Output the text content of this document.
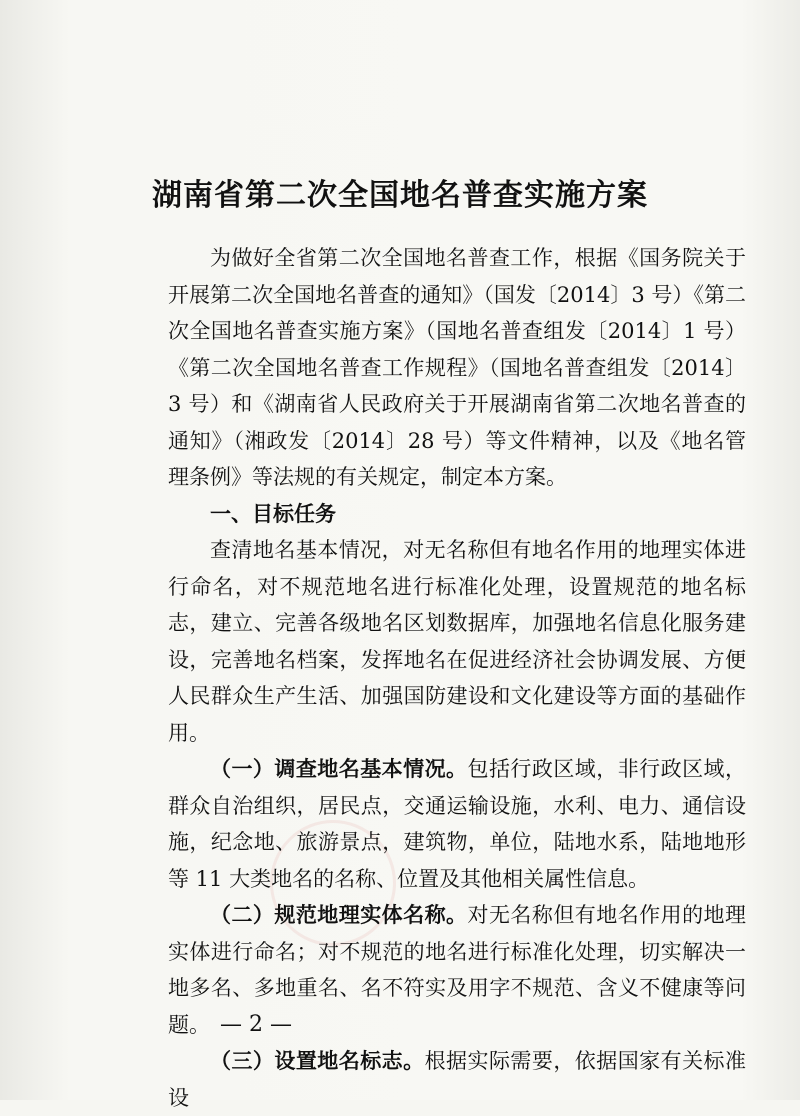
湖南省第二次全国地名普查实施方案

为做好全省第二次全国地名普查工作，根据《国务院关于开展第二次全国地名普查的通知》（国发〔2014〕3 号）《第二次全国地名普查实施方案》（国地名普查组发〔2014〕1 号）《第二次全国地名普查工作规程》（国地名普查组发〔2014〕3 号）和《湖南省人民政府关于开展湖南省第二次地名普查的通知》（湘政发〔2014〕28 号）等文件精神，以及《地名管理条例》等法规的有关规定，制定本方案。

一、目标任务

查清地名基本情况，对无名称但有地名作用的地理实体进行命名，对不规范地名进行标准化处理，设置规范的地名标志，建立、完善各级地名区划数据库，加强地名信息化服务建设，完善地名档案，发挥地名在促进经济社会协调发展、方便人民群众生产生活、加强国防建设和文化建设等方面的基础作用。

（一）调查地名基本情况。包括行政区域，非行政区域，群众自治组织，居民点，交通运输设施，水利、电力、通信设施，纪念地、旅游景点，建筑物，单位，陆地水系，陆地地形等 11 大类地名的名称、位置及其他相关属性信息。

（二）规范地理实体名称。对无名称但有地名作用的地理实体进行命名；对不规范的地名进行标准化处理，切实解决一地多名、多地重名、名不符实及用字不规范、含义不健康等问题。

（三）设置地名标志。根据实际需要，依据国家有关标准设

— 2 —
